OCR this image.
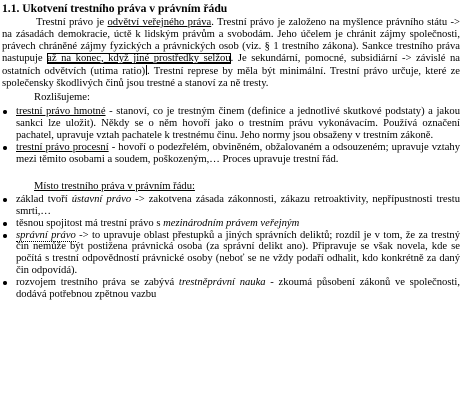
1.1. Ukotvení trestního práva v právním řádu

Trestní právo je odvětví veřejného práva. Trestní právo je založeno na myšlence právního státu -> na zásadách demokracie, úctě k lidským právům a svobodám. Jeho účelem je chránit zájmy společnosti, právech chráněné zájmy fyzických a právnických osob (viz. § 1 trestního zákona). Sankce trestního práva nastupuje až na konec, když jiné prostředky selžou. Je sekundární, pomocné, subsidiární -> závislé na ostatních odvětvích (utima ratio) . Trestní represe by měla být minimální. Trestní právo určuje, které ze společensky škodlivých činů jsou trestné a stanoví za ně tresty.

Rozlišujeme:

trestní právo hmotné - stanoví, co je trestným činem (definice a jednotlivé skutkové podstaty) a jakou sankci lze uložit). Někdy se o něm hovoří jako o trestním právu vykonávacím. Používá označení pachatel, upravuje vztah pachatele k trestnému činu. Jeho normy jsou obsaženy v trestním zákoně.
trestní právo procesní - hovoří o podezřelém, obviněném, obžalovaném a odsouzeném; upravuje vztahy mezi těmito osobami a soudem, poškozeným,… Proces upravuje trestní řád.

Místo trestního práva v právním řádu:

základ tvoří ústavní právo -> zakotvena zásada zákonnosti, zákazu retroaktivity, nepřípustnosti trestu smrti,…
těsnou spojitost má trestní právo s mezinárodním právem veřejným
správní právo -> to upravuje oblast přestupků a jiných správních deliktů; rozdíl je v tom, že za trestný čin nemůže být postižena právnická osoba (za správní delikt ano). Připravuje se však novela, kde se počítá s trestní odpovědností právnické osoby (neboť se ne vždy podaří odhalit, kdo konkrétně za daný čin odpovídá).
rozvojem trestního práva se zabývá trestněprávní nauka - zkoumá působení zákonů ve společnosti, dodává potřebnou zpětnou vazbu
